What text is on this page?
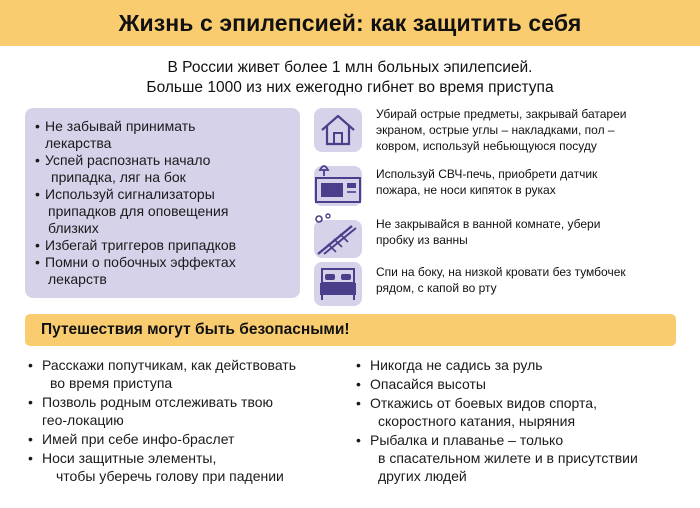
Жизнь с эпилепсией: как защитить себя
В России живет более 1 млн больных эпилепсией.
Больше 1000 из них ежегодно гибнет во время приступа
• Не забывай принимать
лекарства
• Успей распознать начало
припадка, ляг на бок
• Используй сигнализаторы
припадков для оповещения
близких
• Избегай триггеров припадков
• Помни о побочных эффектах
лекарств
Убирай острые предметы, закрывай батареи
экраном, острые углы – накладками, пол –
ковром, используй небьющуюся посуду
Используй СВЧ-печь, приобрети датчик
пожара, не носи кипяток в руках
Не закрывайся в ванной комнате, убери
пробку из ванны
Спи на боку, на низкой кровати без тумбочек
рядом, с капой во рту
Путешествия могут быть безопасными!
• Расскажи попутчикам, как действовать
во время приступа
• Позволь родным отслеживать твою
гео-локацию
• Имей при себе инфо-браслет
• Носи защитные элементы,
чтобы уберечь голову при падении
• Никогда не садись за руль
• Опасайся высоты
• Откажись от боевых видов спорта,
скоростного катания, ныряния
• Рыбалка и плаванье – только
в спасательном жилете и в присутствии
других людей
